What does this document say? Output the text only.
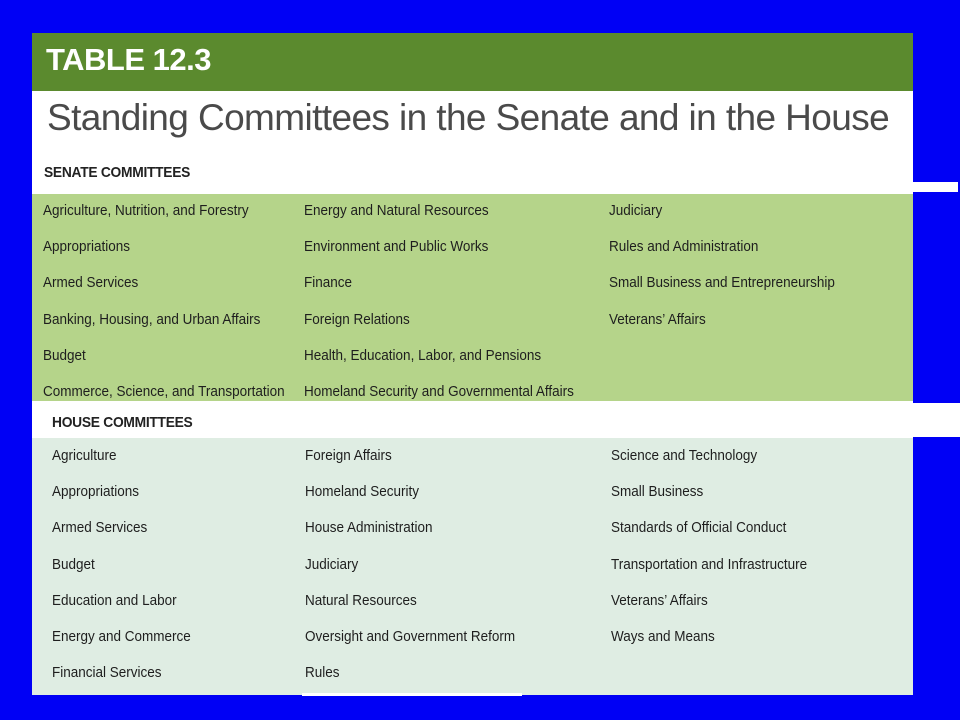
TABLE 12.3
Standing Committees in the Senate and in the House
SENATE COMMITTEES
Agriculture, Nutrition, and Forestry
Appropriations
Armed Services
Banking, Housing, and Urban Affairs
Budget
Commerce, Science, and Transportation
Energy and Natural Resources
Environment and Public Works
Finance
Foreign Relations
Health, Education, Labor, and Pensions
Homeland Security and Governmental Affairs
Judiciary
Rules and Administration
Small Business and Entrepreneurship
Veterans’ Affairs
HOUSE COMMITTEES
Agriculture
Appropriations
Armed Services
Budget
Education and Labor
Energy and Commerce
Financial Services
Foreign Affairs
Homeland Security
House Administration
Judiciary
Natural Resources
Oversight and Government Reform
Rules
Science and Technology
Small Business
Standards of Official Conduct
Transportation and Infrastructure
Veterans’ Affairs
Ways and Means
